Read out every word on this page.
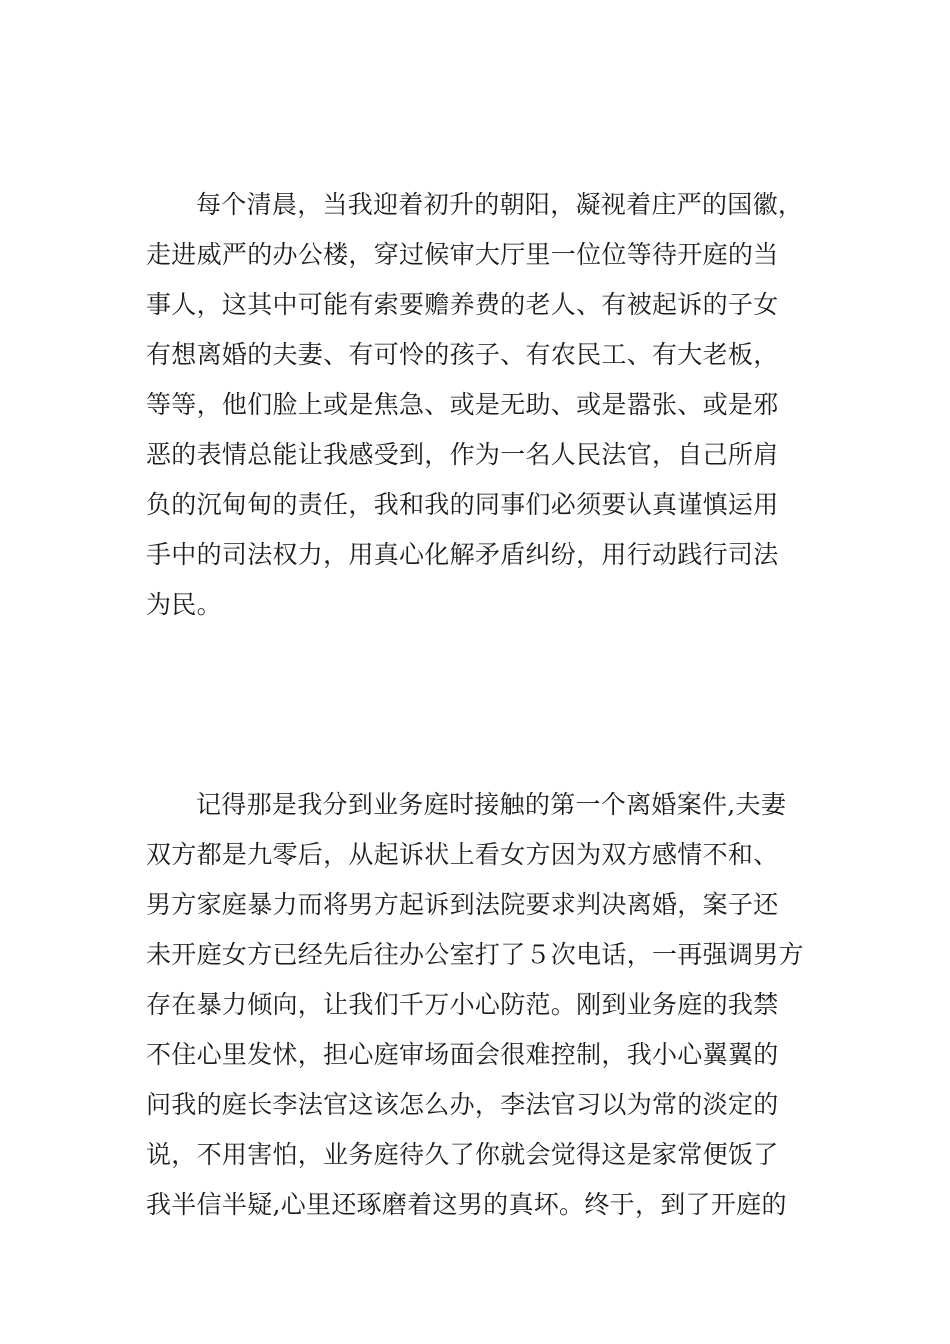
每个清晨，当我迎着初升的朝阳，凝视着庄严的国徽，
走进威严的办公楼，穿过候审大厅里一位位等待开庭的当
事人，这其中可能有索要赡养费的老人、有被起诉的子女
有想离婚的夫妻、有可怜的孩子、有农民工、有大老板，
等等，他们脸上或是焦急、或是无助、或是嚣张、或是邪
恶的表情总能让我感受到，作为一名人民法官，自己所肩
负的沉甸甸的责任，我和我的同事们必须要认真谨慎运用
手中的司法权力，用真心化解矛盾纠纷，用行动践行司法
为民。
记得那是我分到业务庭时接触的第一个离婚案件,夫妻
双方都是九零后，从起诉状上看女方因为双方感情不和、
男方家庭暴力而将男方起诉到法院要求判决离婚，案子还
未开庭女方已经先后往办公室打了５次电话，一再强调男方
存在暴力倾向，让我们千万小心防范。刚到业务庭的我禁
不住心里发怵，担心庭审场面会很难控制，我小心翼翼的
问我的庭长李法官这该怎么办，李法官习以为常的淡定的
说，不用害怕，业务庭待久了你就会觉得这是家常便饭了
我半信半疑,心里还琢磨着这男的真坏。终于，到了开庭的
